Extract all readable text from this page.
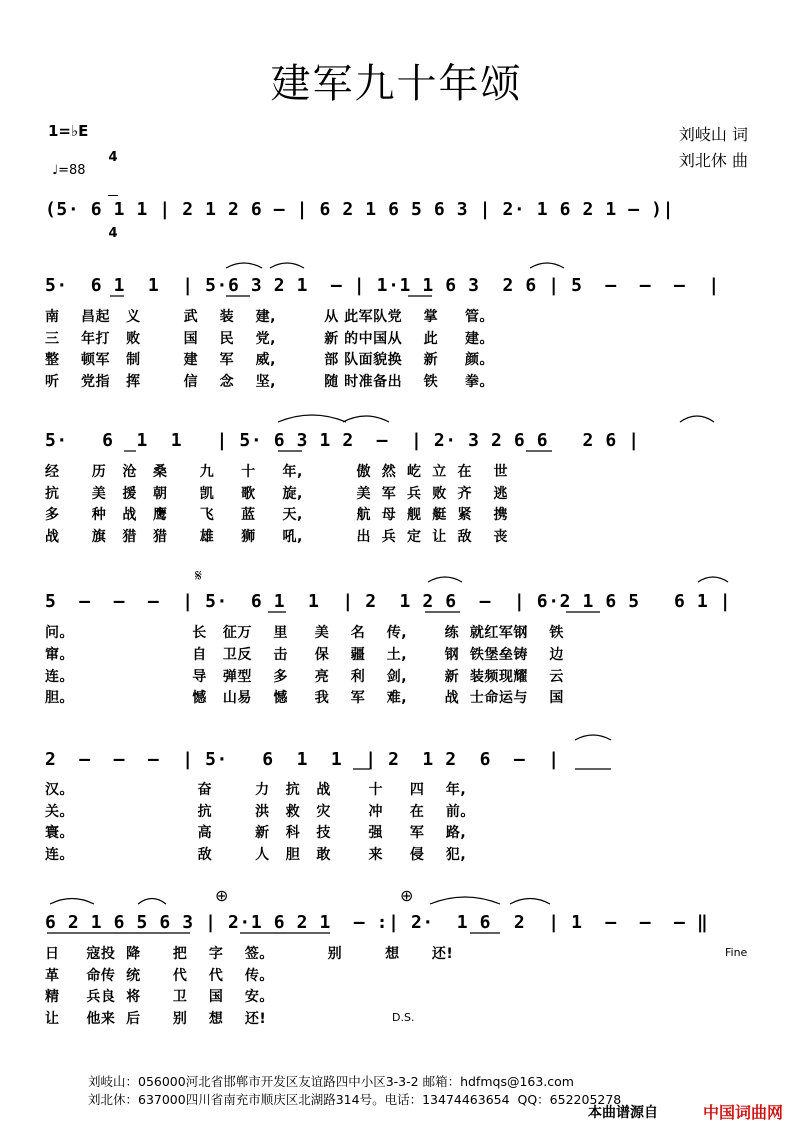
建军九十年颂
1=♭E

4

4

♩=88
刘岐山 词
刘北休 曲
(5· 6 1 1 | 2 1 2 6 — | 6 2 1 6 5 6 3 | 2· 1 6 2 1 — )|
5·  6 1  1  | 5·6 3 2 1  — | 1·1 1 6 3  2 6 | 5  —  —  —  |
南    昌起   义        武    装    建,         从 此军队党    掌     管。
三    年打   败        国    民    党,         新 的中国从    此     建。
整    顿军   制        建    军    威,         部 队面貌换    新     颜。
听    党指   挥        信    念    坚,         随 时准备出    铁     拳。
5·   6  1  1   | 5· 6 3 1 2  —  | 2· 3 2 6 6   2 6 |
经      历   沧   桑      九     十     年,          傲  然  屹  立  在    世
抗      美   援   朝      凯     歌     旋,          美  军  兵  败  齐    逃
多      种   战   鹰      飞     蓝     天,          航  母  舰  艇  紧    携
战      旗   猎   猎      雄     狮     吼,          出  兵  定  让  敌    丧
𝄋
5  —  —  —  | 5·  6 1  1  | 2  1 2 6  —  | 6·2 1 6 5   6 1 |
问。                      长   征万    里     美    名    传,       练  就红军钢    铁
窜。                      自   卫反    击     保    疆    土,       钢  铁堡垒铸    边
连。                      导   弹型    多     亮    利    剑,       新  装频现耀    云
胆。                      憾   山易    憾     我    军    难,       战  士命运与    国
2  —  —  —  | 5·   6  1  1  | 2  1 2  6  —  |
汉。                       奋        力   抗   战       十     四    年,
关。                       抗        洪   救   灾       冲     在    前。
寰。                       高        新   科   技       强     军    路,
连。                       敌        人   胆   敢       来     侵    犯,
⊕	⊕
6 2 1 6 5 6 3 | 2·1 6 2 1  — :| 2·  1 6  2  | 1  —  —  — ‖
日     寇投  降      把    字    签。          别        想      还!	Fine
革     命传  统      代    代    传。
精     兵良  将      卫    国    安。
让     他来  后      别    想    还!	D.S.
刘岐山：056000河北省邯郸市开发区友谊路四中小区3-3-2 邮箱：hdfmqs@163.com
刘北休：637000四川省南充市顺庆区北湖路314号。电话：13474463654  QQ：652205278
本曲谱源自	中国词曲网
